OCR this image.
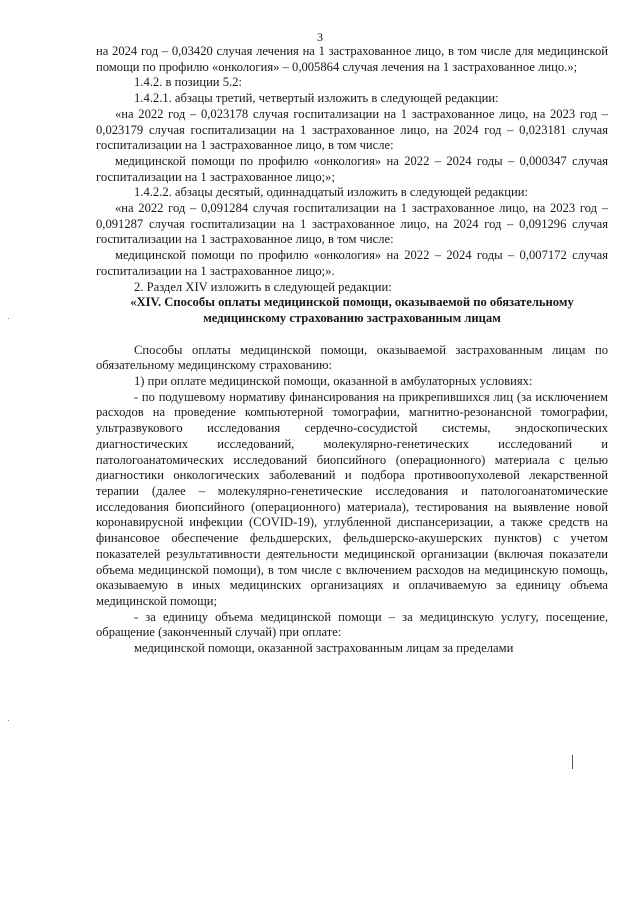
3

на 2024 год – 0,03420 случая лечения на 1 застрахованное лицо, в том числе для медицинской помощи по профилю «онкология» – 0,005864 случая лечения на 1 застрахованное лицо.»;

1.4.2. в позиции 5.2:

1.4.2.1. абзацы третий, четвертый изложить в следующей редакции:

«на 2022 год – 0,023178 случая госпитализации на 1 застрахованное лицо, на 2023 год – 0,023179 случая госпитализации на 1 застрахованное лицо, на 2024 год – 0,023181 случая госпитализации на 1 застрахованное лицо, в том числе:

медицинской помощи по профилю «онкология» на 2022 – 2024 годы – 0,000347 случая госпитализации на 1 застрахованное лицо;»;

1.4.2.2. абзацы десятый, одиннадцатый изложить в следующей редакции:

«на 2022 год – 0,091284 случая госпитализации на 1 застрахованное лицо, на 2023 год – 0,091287 случая госпитализации на 1 застрахованное лицо, на 2024 год – 0,091296 случая госпитализации на 1 застрахованное лицо, в том числе:

медицинской помощи по профилю «онкология» на 2022 – 2024 годы – 0,007172 случая госпитализации на 1 застрахованное лицо;».

2. Раздел XIV изложить в следующей редакции:

«XIV. Способы оплаты медицинской помощи, оказываемой по обязательному медицинскому страхованию застрахованным лицам

Способы оплаты медицинской помощи, оказываемой застрахованным лицам по обязательному медицинскому страхованию:

1) при оплате медицинской помощи, оказанной в амбулаторных условиях:

- по подушевому нормативу финансирования на прикрепившихся лиц (за исключением расходов на проведение компьютерной томографии, магнитно-резонансной томографии, ультразвукового исследования сердечно-сосудистой системы, эндоскопических диагностических исследований, молекулярно-генетических исследований и патологоанатомических исследований биопсийного (операционного) материала с целью диагностики онкологических заболеваний и подбора противоопухолевой лекарственной терапии (далее – молекулярно-генетические исследования и патологоанатомические исследования биопсийного (операционного) материала), тестирования на выявление новой коронавирусной инфекции (COVID-19), углубленной диспансеризации, а также средств на финансовое обеспечение фельдшерских, фельдшерско-акушерских пунктов) с учетом показателей результативности деятельности медицинской организации (включая показатели объема медицинской помощи), в том числе с включением расходов на медицинскую помощь, оказываемую в иных медицинских организациях и оплачиваемую за единицу объема медицинской помощи;

- за единицу объема медицинской помощи – за медицинскую услугу, посещение, обращение (законченный случай) при оплате:

медицинской помощи, оказанной застрахованным лицам за пределами
